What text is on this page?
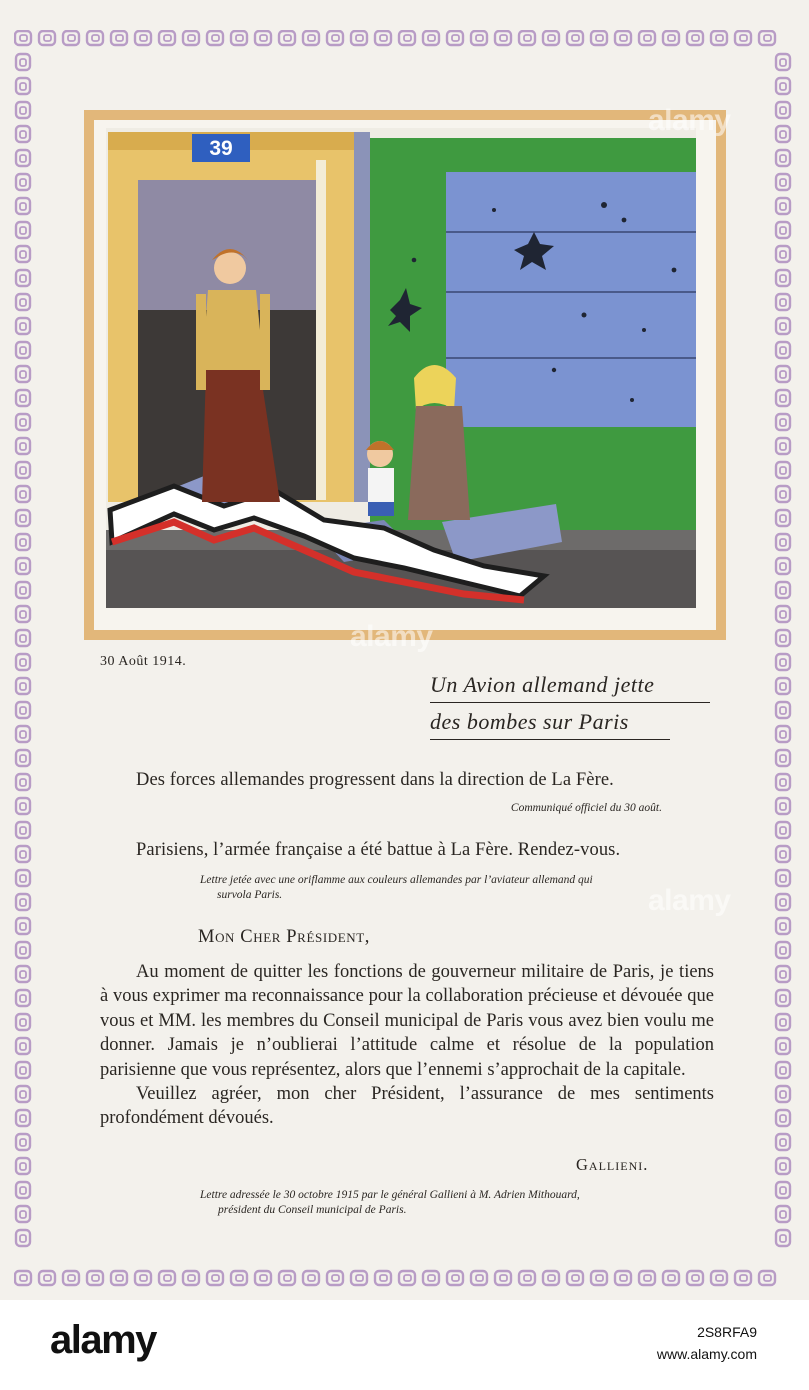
39

30 Août 1914.

Un Avion allemand jette

des bombes sur Paris

Des forces allemandes progressent dans la direction de La Fère.

Communiqué officiel du 30 août.

Parisiens, l’armée française a été battue à La Fère. Rendez-vous.

Lettre jetée avec une oriflamme aux couleurs allemandes par l’aviateur allemand qui
survola Paris.

Mon Cher Président,

Au moment de quitter les fonctions de gouverneur militaire de Paris, je tiens à vous exprimer ma reconnaissance pour la collaboration précieuse et dévouée que vous et MM. les membres du Conseil municipal de Paris vous avez bien voulu me donner. Jamais je n’oublierai l’attitude calme et résolue de la population parisienne que vous représentez, alors que l’ennemi s’approchait de la capitale.

Veuillez agréer, mon cher Président, l’assurance de mes sentiments profondément dévoués.

Gallieni.

Lettre adressée le 30 octobre 1915 par le général Gallieni à M. Adrien Mithouard,
président du Conseil municipal de Paris.

alamy
alamy
alamy
alamy	2S8RFA9
www.alamy.com
